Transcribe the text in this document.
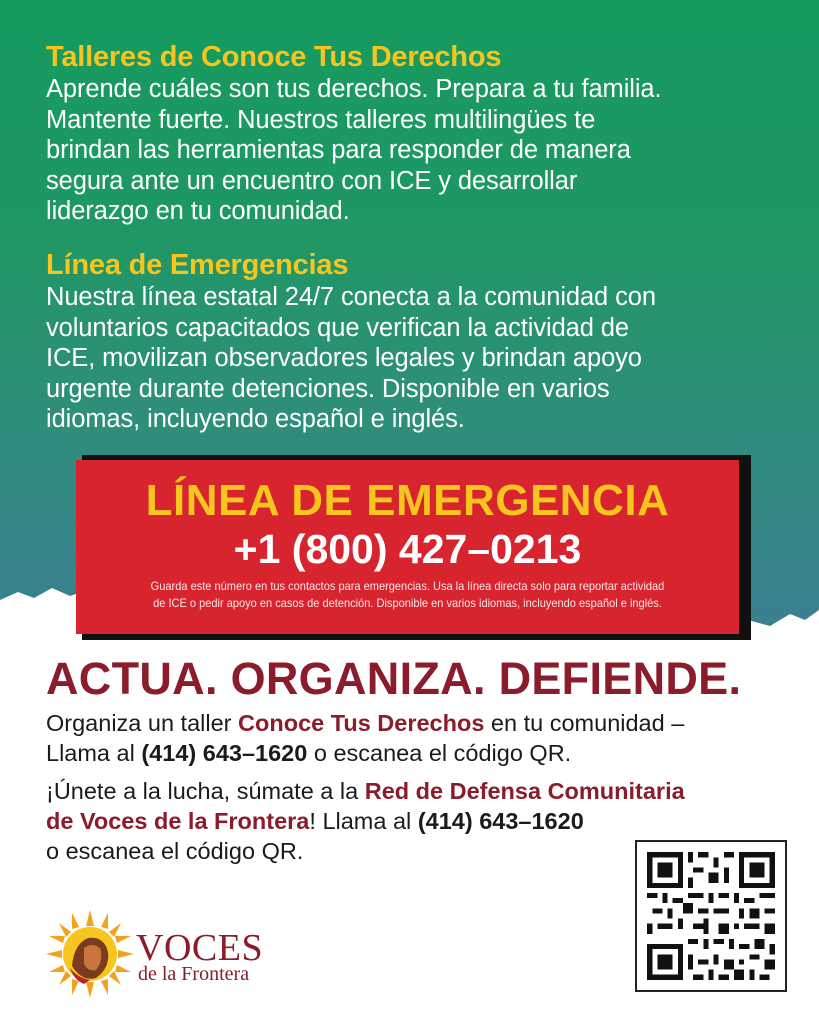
Talleres de Conoce Tus Derechos
Aprende cuáles son tus derechos. Prepara a tu familia.
Mantente fuerte. Nuestros talleres multilingües te
brindan las herramientas para responder de manera
segura ante un encuentro con ICE y desarrollar
liderazgo en tu comunidad.
Línea de Emergencias
Nuestra línea estatal 24/7 conecta a la comunidad con
voluntarios capacitados que verifican la actividad de
ICE, movilizan observadores legales y brindan apoyo
urgente durante detenciones. Disponible en varios
idiomas, incluyendo español e inglés.
LÍNEA DE EMERGENCIA
+1 (800) 427–0213
Guarda este número en tus contactos para emergencias. Usa la línea directa solo para reportar actividad
de ICE o pedir apoyo en casos de detención. Disponible en varios idiomas, incluyendo español e inglés.
ACTUA. ORGANIZA. DEFIENDE.
Organiza un taller Conoce Tus Derechos en tu comunidad –
Llama al (414) 643–1620 o escanea el código QR.
¡Únete a la lucha, súmate a la Red de Defensa Comunitaria
de Voces de la Frontera! Llama al (414) 643–1620
o escanea el código QR.
VOCES
de la Frontera
